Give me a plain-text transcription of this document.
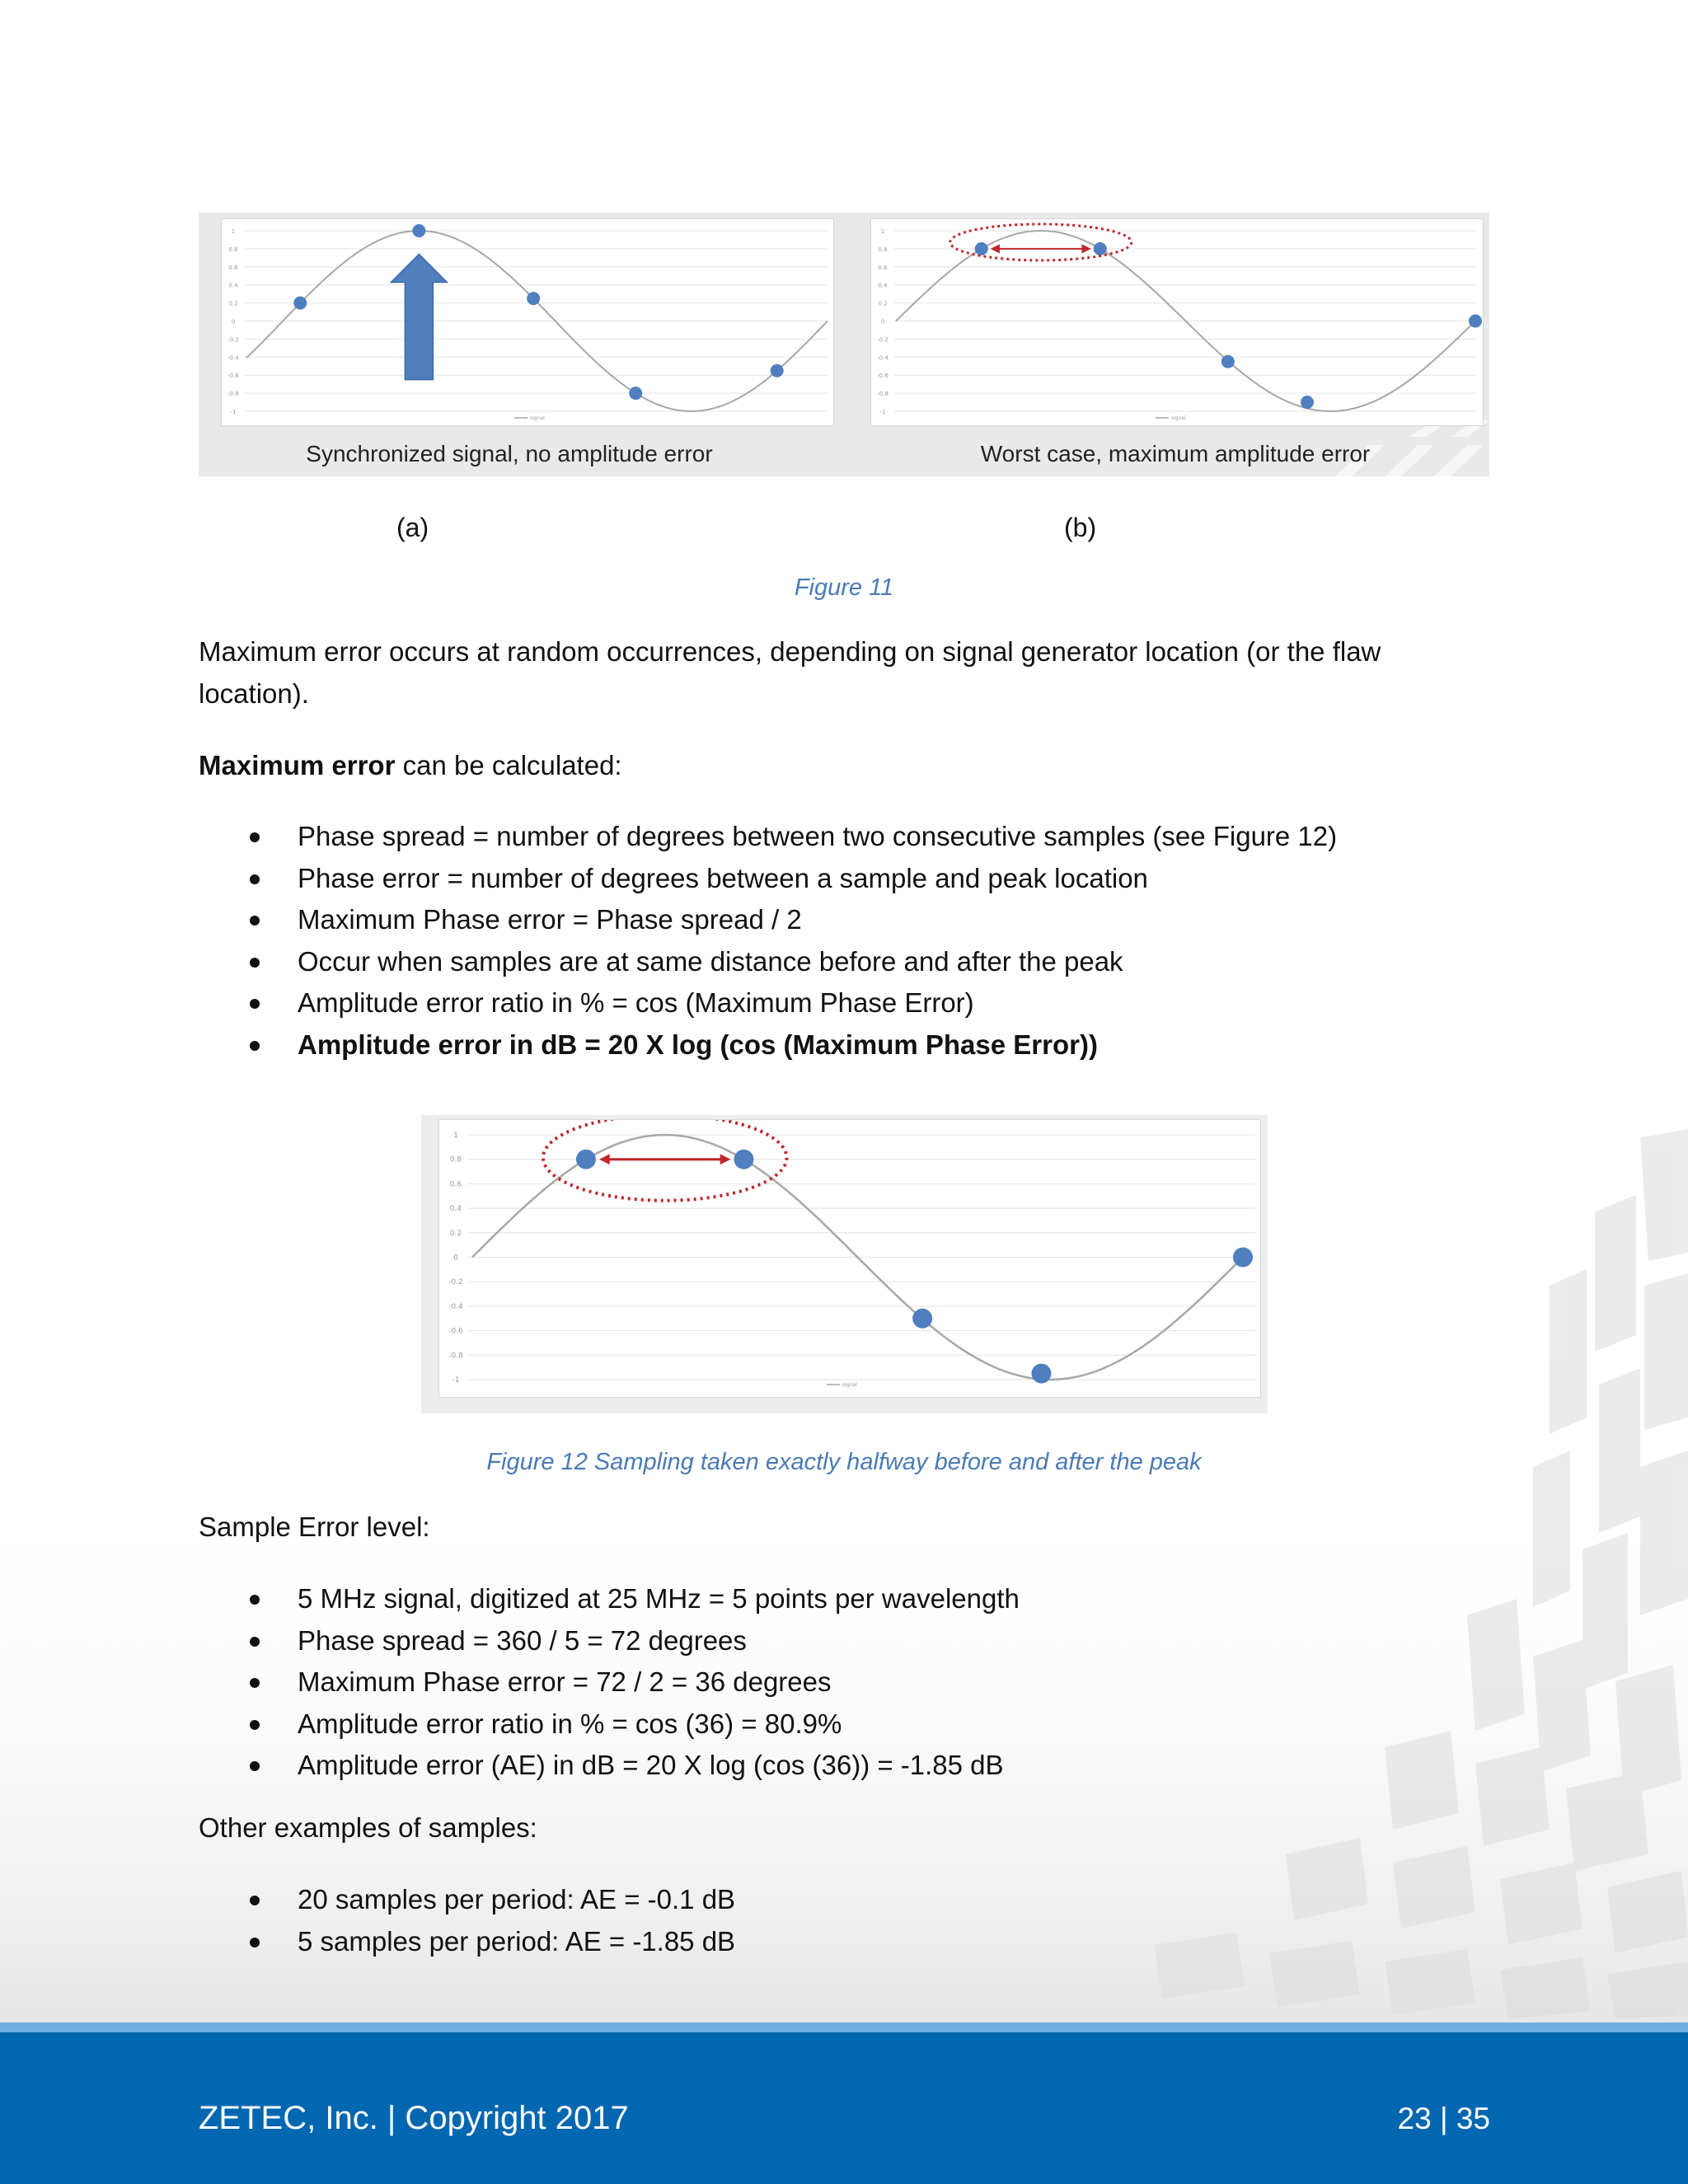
1
0.8
0.6
0.4
0.2
0
-0.2
-0.4
-0.6
-0.8
-1
signal
1
0.8
0.6
0.4
0.2
0
-0.2
-0.4
-0.6
-0.8
-1
signal
Synchronized signal, no amplitude error	Worst case, maximum amplitude error
(a)	(b)
Figure 11
Maximum error occurs at random occurrences, depending on signal generator location (or the flaw location).
Maximum error can be calculated:
Phase spread = number of degrees between two consecutive samples (see Figure 12)
Phase error = number of degrees between a sample and peak location
Maximum Phase error = Phase spread / 2
Occur when samples are at same distance before and after the peak
Amplitude error ratio in % = cos (Maximum Phase Error)
Amplitude error in dB = 20 X log (cos (Maximum Phase Error))
1
0.8
0.6
0.4
0.2
0
-0.2
-0.4
-0.6
-0.8
-1
signal
Figure 12 Sampling taken exactly halfway before and after the peak
Sample Error level:
5 MHz signal, digitized at 25 MHz = 5 points per wavelength
Phase spread = 360 / 5 = 72 degrees
Maximum Phase error = 72 / 2 = 36 degrees
Amplitude error ratio in % = cos (36) = 80.9%
Amplitude error (AE) in dB = 20 X log (cos (36)) = -1.85 dB
Other examples of samples:
20 samples per period: AE = -0.1 dB
5 samples per period: AE = -1.85 dB
ZETEC, Inc. | Copyright 2017	23 | 35
